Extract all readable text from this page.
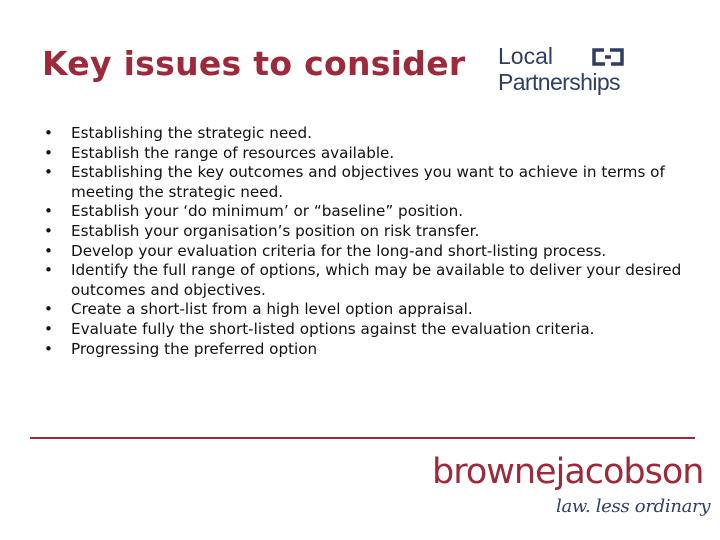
Key issues to consider Local
Partnerships
• Establishing the strategic need.
• Establish the range of resources available.
• Establishing the key outcomes and objectives you want to achieve in terms of meeting the strategic need.
• Establish your ‘do minimum’ or “baseline” position.
• Establish your organisation’s position on risk transfer.
• Develop your evaluation criteria for the long-and short-listing process.
• Identify the full range of options, which may be available to deliver your desired outcomes and objectives.
• Create a short-list from a high level option appraisal.
• Evaluate fully the short-listed options against the evaluation criteria.
• Progressing the preferred option
brownejacobson
law. less ordinary
